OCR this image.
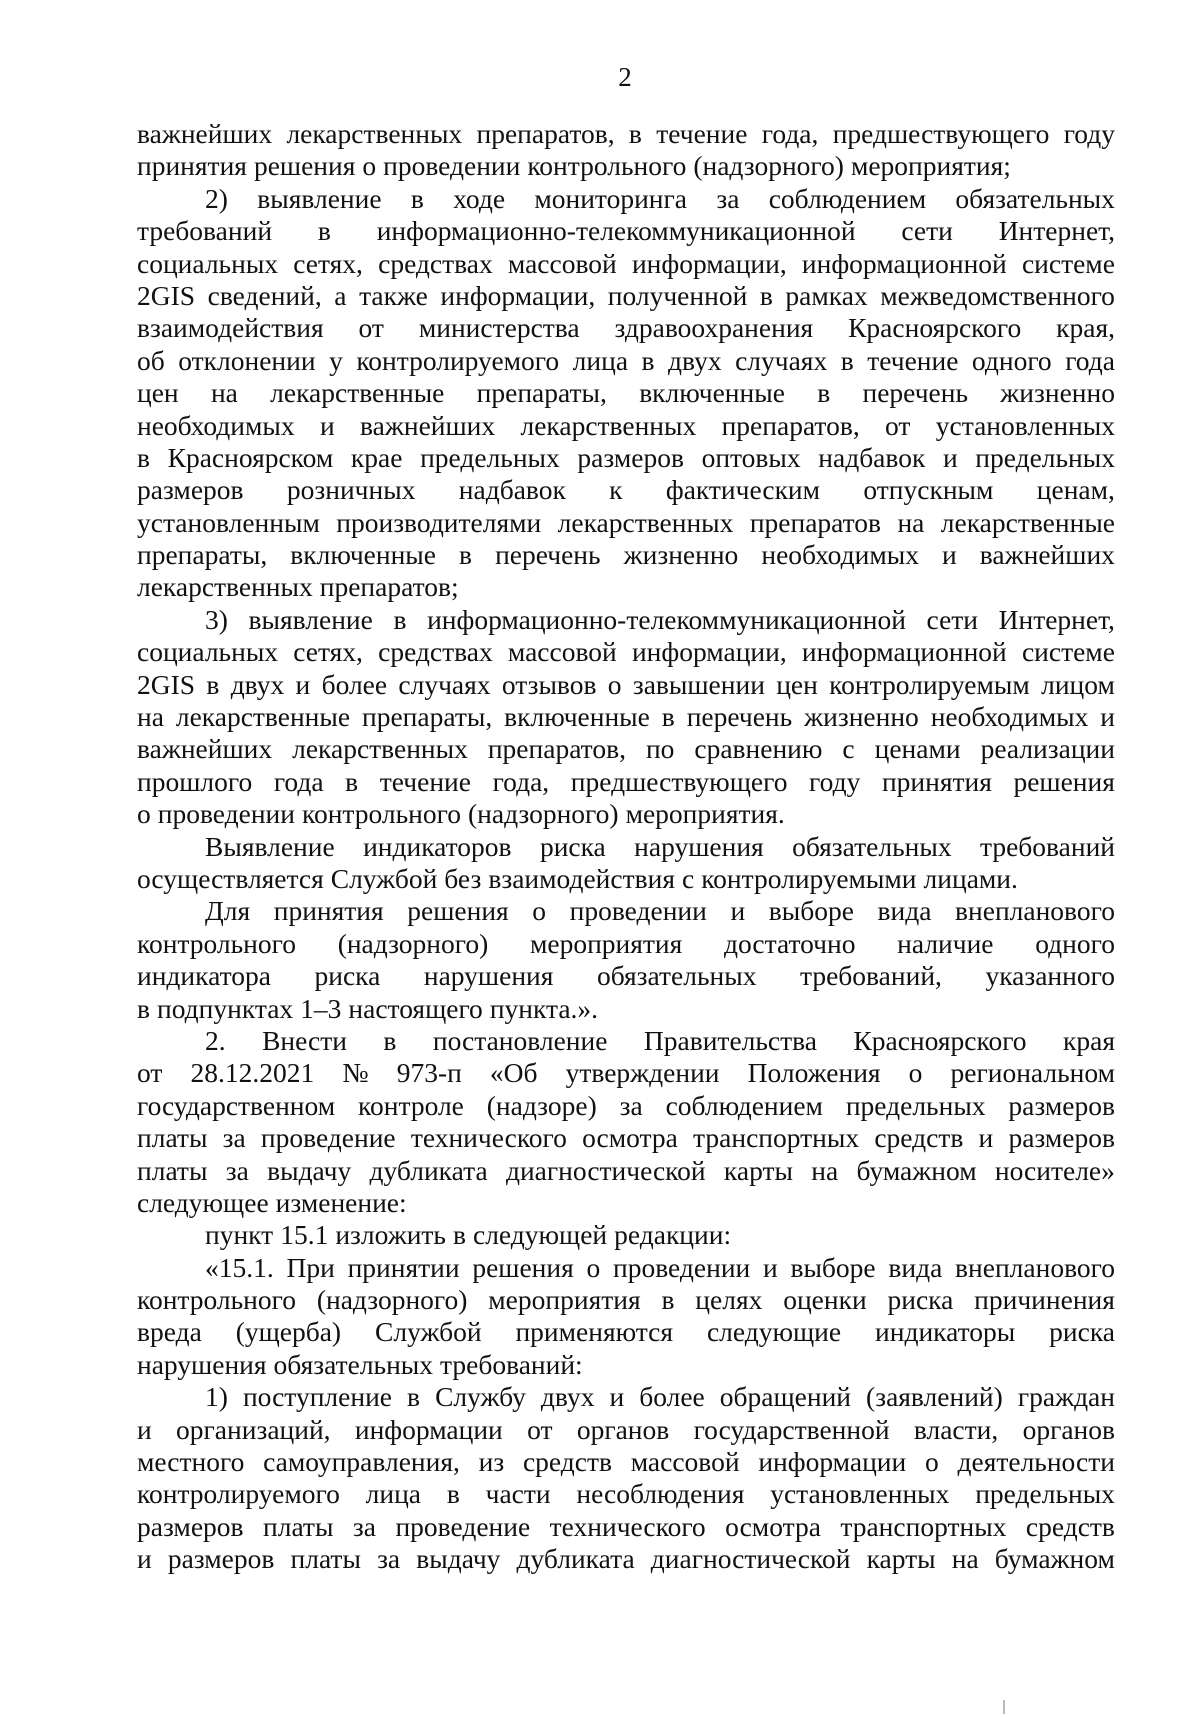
2
важнейших лекарственных препаратов, в течение года, предшествующего году
принятия решения о проведении контрольного (надзорного) мероприятия;
2) выявление в ходе мониторинга за соблюдением обязательных
требований в информационно-телекоммуникационной сети Интернет,
социальных сетях, средствах массовой информации, информационной системе
2GIS сведений, а также информации, полученной в рамках межведомственного
взаимодействия от министерства здравоохранения Красноярского края,
об отклонении у контролируемого лица в двух случаях в течение одного года
цен на лекарственные препараты, включенные в перечень жизненно
необходимых и важнейших лекарственных препаратов, от установленных
в Красноярском крае предельных размеров оптовых надбавок и предельных
размеров розничных надбавок к фактическим отпускным ценам,
установленным производителями лекарственных препаратов на лекарственные
препараты, включенные в перечень жизненно необходимых и важнейших
лекарственных препаратов;
3) выявление в информационно-телекоммуникационной сети Интернет,
социальных сетях, средствах массовой информации, информационной системе
2GIS в двух и более случаях отзывов о завышении цен контролируемым лицом
на лекарственные препараты, включенные в перечень жизненно необходимых и
важнейших лекарственных препаратов, по сравнению с ценами реализации
прошлого года в течение года, предшествующего году принятия решения
о проведении контрольного (надзорного) мероприятия.
Выявление индикаторов риска нарушения обязательных требований
осуществляется Службой без взаимодействия с контролируемыми лицами.
Для принятия решения о проведении и выборе вида внепланового
контрольного (надзорного) мероприятия достаточно наличие одного
индикатора риска нарушения обязательных требований, указанного
в подпунктах 1–3 настоящего пункта.».
2. Внести в постановление Правительства Красноярского края
от 28.12.2021 № 973-п «Об утверждении Положения о региональном
государственном контроле (надзоре) за соблюдением предельных размеров
платы за проведение технического осмотра транспортных средств и размеров
платы за выдачу дубликата диагностической карты на бумажном носителе»
следующее изменение:
пункт 15.1 изложить в следующей редакции:
«15.1. При принятии решения о проведении и выборе вида внепланового
контрольного (надзорного) мероприятия в целях оценки риска причинения
вреда (ущерба) Службой применяются следующие индикаторы риска
нарушения обязательных требований:
1) поступление в Службу двух и более обращений (заявлений) граждан
и организаций, информации от органов государственной власти, органов
местного самоуправления, из средств массовой информации о деятельности
контролируемого лица в части несоблюдения установленных предельных
размеров платы за проведение технического осмотра транспортных средств
и размеров платы за выдачу дубликата диагностической карты на бумажном
